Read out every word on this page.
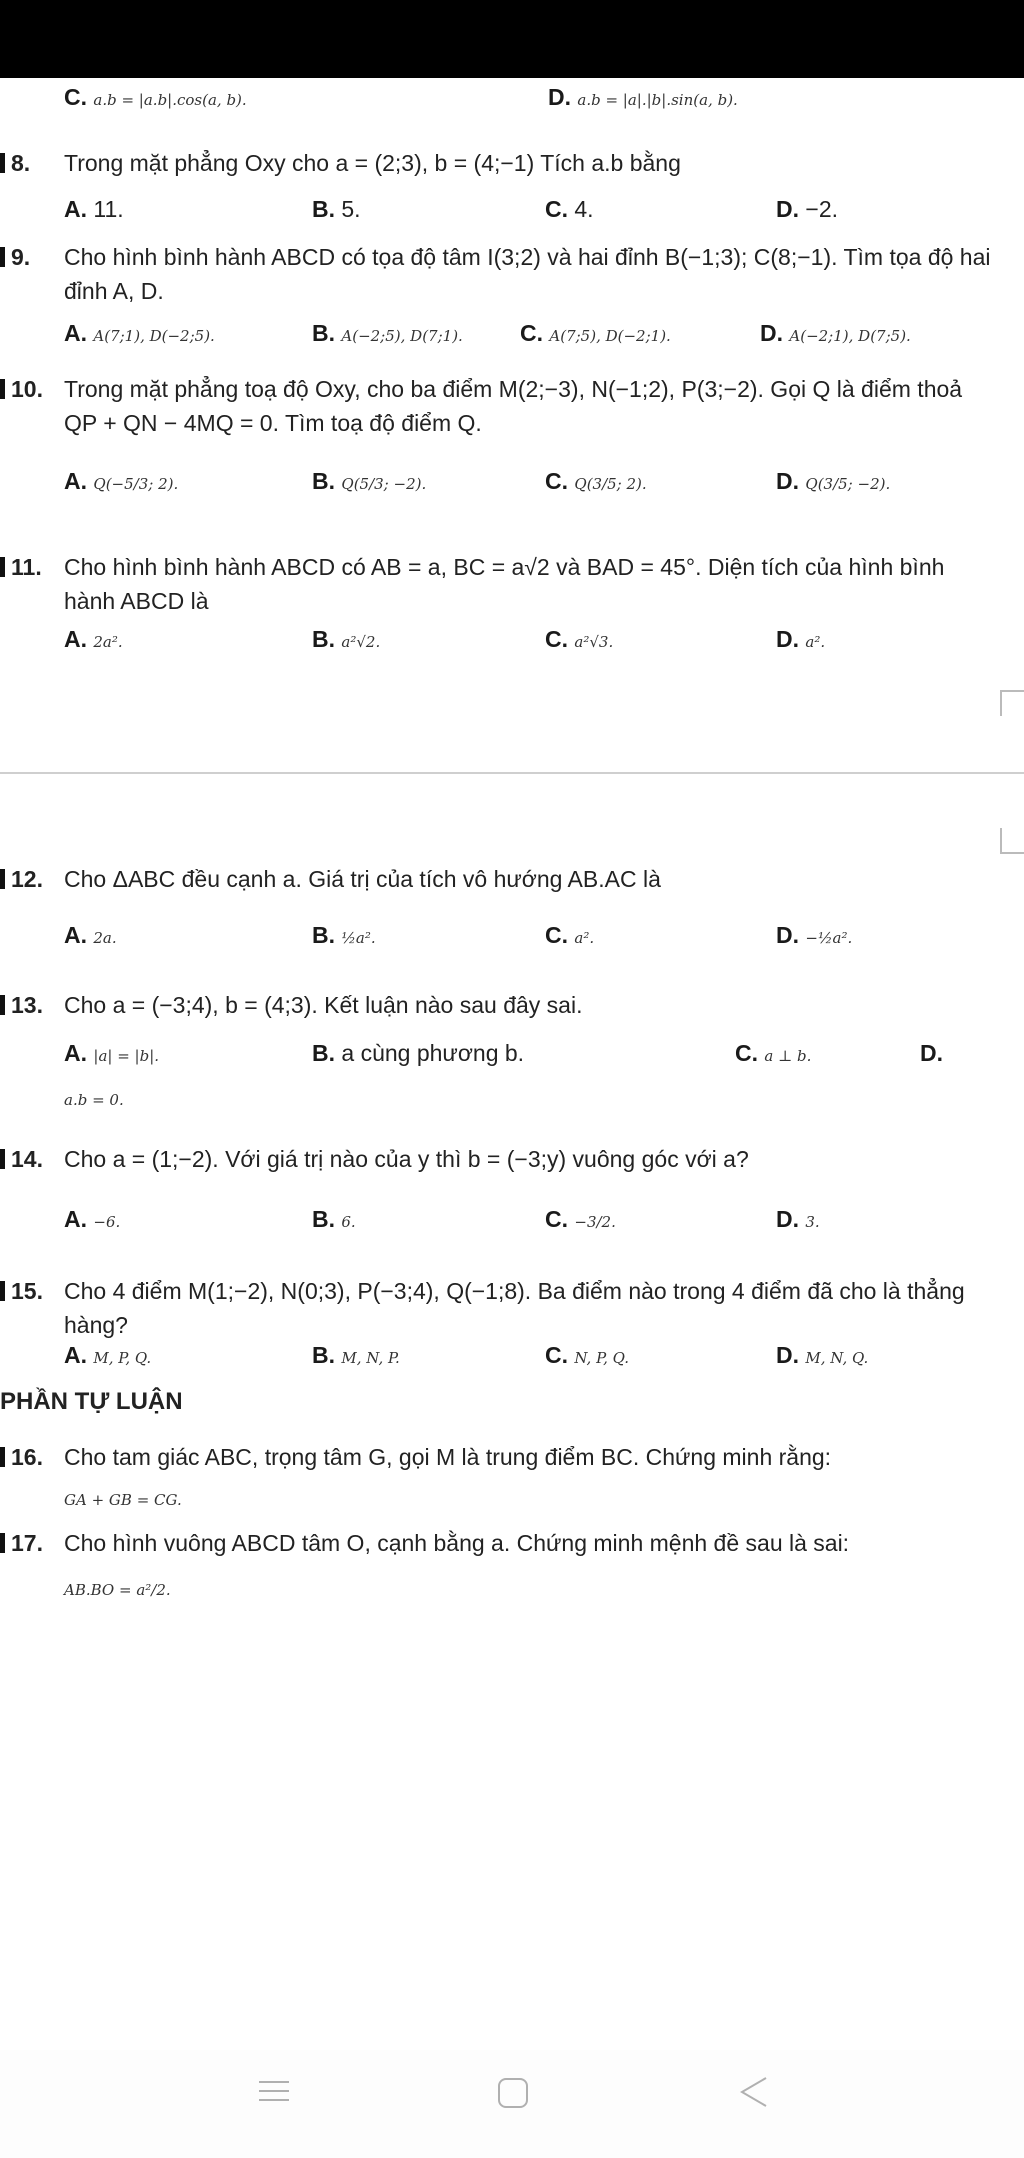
C. a.b = |a.b|.cos(a, b).	D. a.b = |a|.|b|.sin(a, b).
8. Trong mặt phẳng Oxy cho a = (2;3), b = (4;−1) Tích a.b bằng
A. 11.	B. 5.	C. 4.	D. −2.
9. Cho hình bình hành ABCD có tọa độ tâm I(3;2) và hai đỉnh B(−1;3); C(8;−1). Tìm tọa độ hai đỉnh A, D.
A. A(7;1), D(−2;5).	B. A(−2;5), D(7;1). C. A(7;5), D(−2;1).	D. A(−2;1), D(7;5).
10. Trong mặt phẳng toạ độ Oxy, cho ba điểm M(2;−3), N(−1;2), P(3;−2). Gọi Q là điểm thoả QP + QN − 4MQ = 0. Tìm toạ độ điểm Q.
A. Q(−5/3; 2).	B. Q(5/3; −2).	C. Q(3/5; 2).	D. Q(3/5; −2).
11. Cho hình bình hành ABCD có AB = a, BC = a√2 và BAD = 45°. Diện tích của hình bình hành ABCD là
A. 2a².	B. a²√2.	C. a²√3.	D. a².
12. Cho ΔABC đều cạnh a. Giá trị của tích vô hướng AB.AC là
A. 2a.	B. ½a².	C. a².	D. −½a².
13. Cho a = (−3;4), b = (4;3). Kết luận nào sau đây sai.
A. |a| = |b|.	B. a cùng phương b.	C. a ⊥ b.	D.
a.b = 0.
14. Cho a = (1;−2). Với giá trị nào của y thì b = (−3;y) vuông góc với a?
A. −6.	B. 6.	C. −3/2.	D. 3.
15. Cho 4 điểm M(1;−2), N(0;3), P(−3;4), Q(−1;8). Ba điểm nào trong 4 điểm đã cho là thẳng hàng?
A. M, P, Q.	B. M, N, P.	C. N, P, Q.	D. M, N, Q.
PHẦN TỰ LUẬN
16. Cho tam giác ABC, trọng tâm G, gọi M là trung điểm BC. Chứng minh rằng:
GA + GB = CG.
17. Cho hình vuông ABCD tâm O, cạnh bằng a. Chứng minh mệnh đề sau là sai:
AB.BO = a²/2.
